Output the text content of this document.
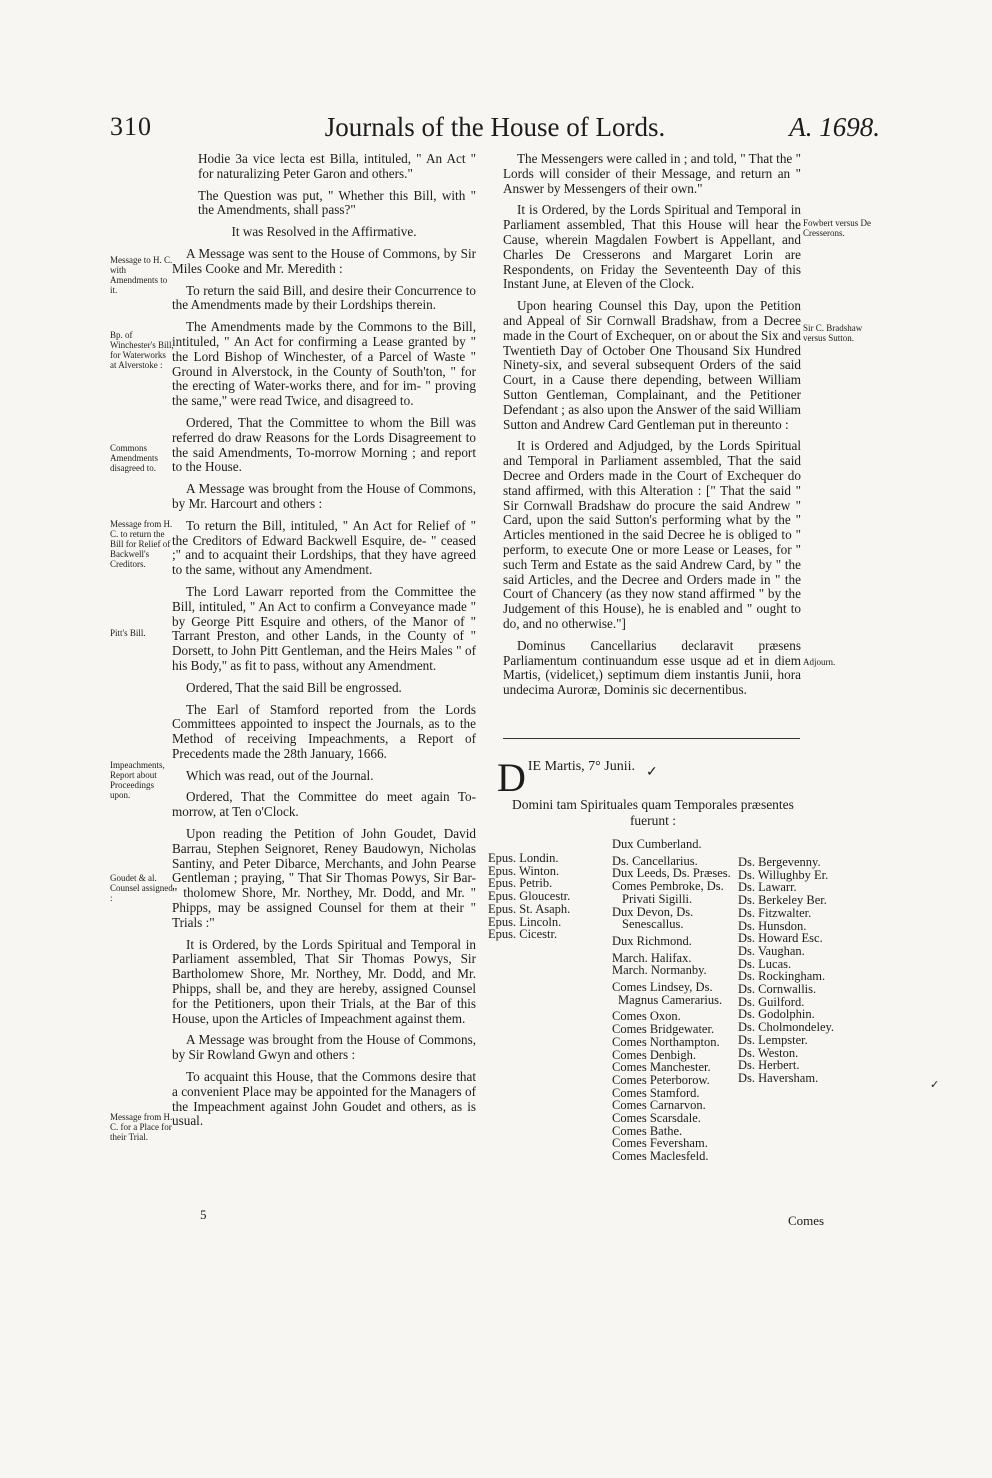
310	Journals of the House of Lords.	A. 1698.

Hodie 3a vice lecta est Billa, intituled, " An Act " for naturalizing Peter Garon and others."

The Question was put, " Whether this Bill, with " the Amendments, shall pass?"

It was Resolved in the Affirmative.

A Message was sent to the House of Commons, by Sir Miles Cooke and Mr. Meredith :

To return the said Bill, and desire their Concurrence to the Amendments made by their Lordships therein.

The Amendments made by the Commons to the Bill, intituled, " An Act for confirming a Lease granted by " the Lord Bishop of Winchester, of a Parcel of Waste " Ground in Alverstock, in the County of South'ton, " for the erecting of Water-works there, and for im- " proving the same," were read Twice, and disagreed to.

Ordered, That the Committee to whom the Bill was referred do draw Reasons for the Lords Disagreement to the said Amendments, To-morrow Morning ; and report to the House.

A Message was brought from the House of Commons, by Mr. Harcourt and others :

To return the Bill, intituled, " An Act for Relief of " the Creditors of Edward Backwell Esquire, de- " ceased ;" and to acquaint their Lordships, that they have agreed to the same, without any Amendment.

The Lord Lawarr reported from the Committee the Bill, intituled, " An Act to confirm a Conveyance made " by George Pitt Esquire and others, of the Manor of " Tarrant Preston, and other Lands, in the County of " Dorsett, to John Pitt Gentleman, and the Heirs Males " of his Body," as fit to pass, without any Amendment.

Ordered, That the said Bill be engrossed.

The Earl of Stamford reported from the Lords Committees appointed to inspect the Journals, as to the Method of receiving Impeachments, a Report of Precedents made the 28th January, 1666.

Which was read, out of the Journal.

Ordered, That the Committee do meet again To-morrow, at Ten o'Clock.

Upon reading the Petition of John Goudet, David Barrau, Stephen Seignoret, Reney Baudowyn, Nicholas Santiny, and Peter Dibarce, Merchants, and John Pearse Gentleman ; praying, " That Sir Thomas Powys, Sir Bar- " tholomew Shore, Mr. Northey, Mr. Dodd, and Mr. " Phipps, may be assigned Counsel for them at their " Trials :"

It is Ordered, by the Lords Spiritual and Temporal in Parliament assembled, That Sir Thomas Powys, Sir Bartholomew Shore, Mr. Northey, Mr. Dodd, and Mr. Phipps, shall be, and they are hereby, assigned Counsel for the Petitioners, upon their Trials, at the Bar of this House, upon the Articles of Impeachment against them.

A Message was brought from the House of Commons, by Sir Rowland Gwyn and others :

To acquaint this House, that the Commons desire that a convenient Place may be appointed for the Managers of the Impeachment against John Goudet and others, as is usual.

Message to H. C. with Amendments to it.
Bp. of Winchester's Bill, for Waterworks at Alverstoke :
Commons Amendments disagreed to.
Message from H. C. to return the Bill for Relief of Backwell's Creditors.
Pitt's Bill.
Impeachments, Report about Proceedings upon.
Goudet & al. Counsel assigned :
Message from H. C. for a Place for their Trial.

The Messengers were called in ; and told, " That the " Lords will consider of their Message, and return an " Answer by Messengers of their own."

It is Ordered, by the Lords Spiritual and Temporal in Parliament assembled, That this House will hear the Cause, wherein Magdalen Fowbert is Appellant, and Charles De Cresserons and Margaret Lorin are Respondents, on Friday the Seventeenth Day of this Instant June, at Eleven of the Clock.

Upon hearing Counsel this Day, upon the Petition and Appeal of Sir Cornwall Bradshaw, from a Decree made in the Court of Exchequer, on or about the Six and Twentieth Day of October One Thousand Six Hundred Ninety-six, and several subsequent Orders of the said Court, in a Cause there depending, between William Sutton Gentleman, Complainant, and the Petitioner Defendant ; as also upon the Answer of the said William Sutton and Andrew Card Gentleman put in thereunto :

It is Ordered and Adjudged, by the Lords Spiritual and Temporal in Parliament assembled, That the said Decree and Orders made in the Court of Exchequer do stand affirmed, with this Alteration : [" That the said " Sir Cornwall Bradshaw do procure the said Andrew " Card, upon the said Sutton's performing what by the " Articles mentioned in the said Decree he is obliged to " perform, to execute One or more Lease or Leases, for " such Term and Estate as the said Andrew Card, by " the said Articles, and the Decree and Orders made in " the Court of Chancery (as they now stand affirmed " by the Judgement of this House), he is enabled and " ought to do, and no otherwise."]

Dominus Cancellarius declaravit præsens Parliamentum continuandum esse usque ad et in diem Martis, (videlicet,) septimum diem instantis Junii, hora undecima Auroræ, Dominis sic decernentibus.

Fowbert versus De Cresserons.
Sir C. Bradshaw versus Sutton.
Adjourn.
D IE Martis, 7° Junii. ✓
Domini tam Spirituales quam Temporales præsentes fuerunt :
Epus. Londin.
Epus. Winton.
Epus. Petrib.
Epus. Gloucestr.
Epus. St. Asaph.
Epus. Lincoln.
Epus. Cicestr.
Dux Cumberland.
Ds. Cancellarius.
Dux Leeds, Ds. Præses.
Comes Pembroke, Ds.
Privati Sigilli.
Dux Devon, Ds.
Senescallus.
Dux Richmond.
March. Halifax.
March. Normanby.
Comes Lindsey, Ds.
Magnus Camerarius.
Comes Oxon.
Comes Bridgewater.
Comes Northampton.
Comes Denbigh.
Comes Manchester.
Comes Peterborow.
Comes Stamford.
Comes Carnarvon.
Comes Scarsdale.
Comes Bathe.
Comes Feversham.
Comes Maclesfeld.
Ds. Bergevenny.
Ds. Willughby Er.
Ds. Lawarr.
Ds. Berkeley Ber.
Ds. Fitzwalter.
Ds. Hunsdon.
Ds. Howard Esc.
Ds. Vaughan.
Ds. Lucas.
Ds. Rockingham.
Ds. Cornwallis.
Ds. Guilford.
Ds. Godolphin.
Ds. Cholmondeley.
Ds. Lempster.
Ds. Weston.
Ds. Herbert.
Ds. Haversham.
✓
5	Comes
